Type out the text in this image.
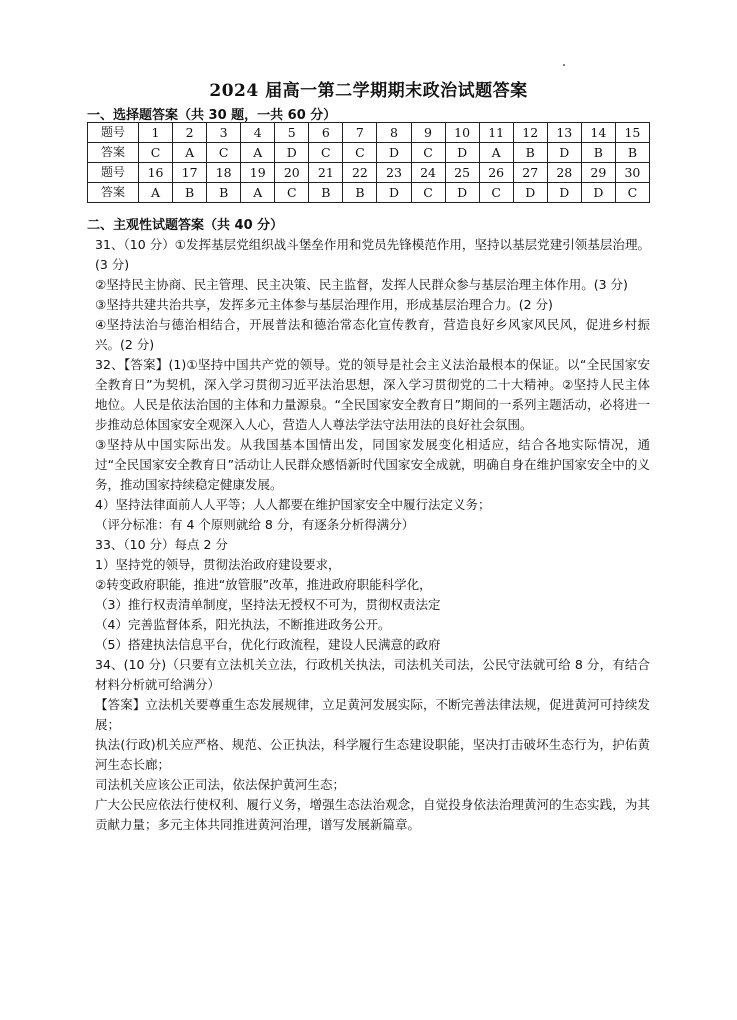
2024 届高一第二学期期末政治试题答案
一、选择题答案（共 30 题，一共 60 分）
题号	1	2	3	4	5	6	7	8	9	10	11	12	13	14	15
答案	C	A	C	A	D	C	C	D	C	D	A	B	D	B	B
题号	16	17	18	19	20	21	22	23	24	25	26	27	28	29	30
答案	A	B	B	A	C	B	B	D	C	D	C	D	D	D	C
二、主观性试题答案（共 40 分）

31、（10 分）①发挥基层党组织战斗堡垒作用和党员先锋模范作用，坚持以基层党建引领基层治理。(3 分)

②坚持民主协商、民主管理、民主决策、民主监督，发挥人民群众参与基层治理主体作用。(3 分)

③坚持共建共治共享，发挥多元主体参与基层治理作用，形成基层治理合力。(2 分)

④坚持法治与德治相结合，开展普法和德治常态化宣传教育，营造良好乡风家风民风，促进乡村振兴。(2 分)

32、【答案】(1)①坚持中国共产党的领导。党的领导是社会主义法治最根本的保证。以“全民国家安全教育日”为契机，深入学习贯彻习近平法治思想，深入学习贯彻党的二十大精神。②坚持人民主体地位。人民是依法治国的主体和力量源泉。“全民国家安全教育日”期间的一系列主题活动，必将进一步推动总体国家安全观深入人心，营造人人尊法学法守法用法的良好社会氛围。

③坚持从中国实际出发。从我国基本国情出发，同国家发展变化相适应，结合各地实际情况，通过“全民国家安全教育日”活动让人民群众感悟新时代国家安全成就，明确自身在维护国家安全中的义务，推动国家持续稳定健康发展。

4）坚持法律面前人人平等；人人都要在维护国家安全中履行法定义务；

（评分标准：有 4 个原则就给 8 分，有逐条分析得满分）

33、（10 分）每点 2 分

1）坚持党的领导，贯彻法治政府建设要求，

②转变政府职能，推进“放管服”改革，推进政府职能科学化，

（3）推行权责清单制度，坚持法无授权不可为，贯彻权责法定

（4）完善监督体系，阳光执法，不断推进政务公开。

（5）搭建执法信息平台，优化行政流程，建设人民满意的政府

34、(10 分)（只要有立法机关立法，行政机关执法，司法机关司法，公民守法就可给 8 分，有结合材料分析就可给满分）

【答案】立法机关要尊重生态发展规律，立足黄河发展实际，不断完善法律法规，促进黄河可持续发展；

执法(行政)机关应严格、规范、公正执法，科学履行生态建设职能，坚决打击破坏生态行为，护佑黄河生态长廊；

司法机关应该公正司法，依法保护黄河生态；

广大公民应依法行使权利、履行义务，增强生态法治观念，自觉投身依法治理黄河的生态实践，为其贡献力量；多元主体共同推进黄河治理，谱写发展新篇章。
